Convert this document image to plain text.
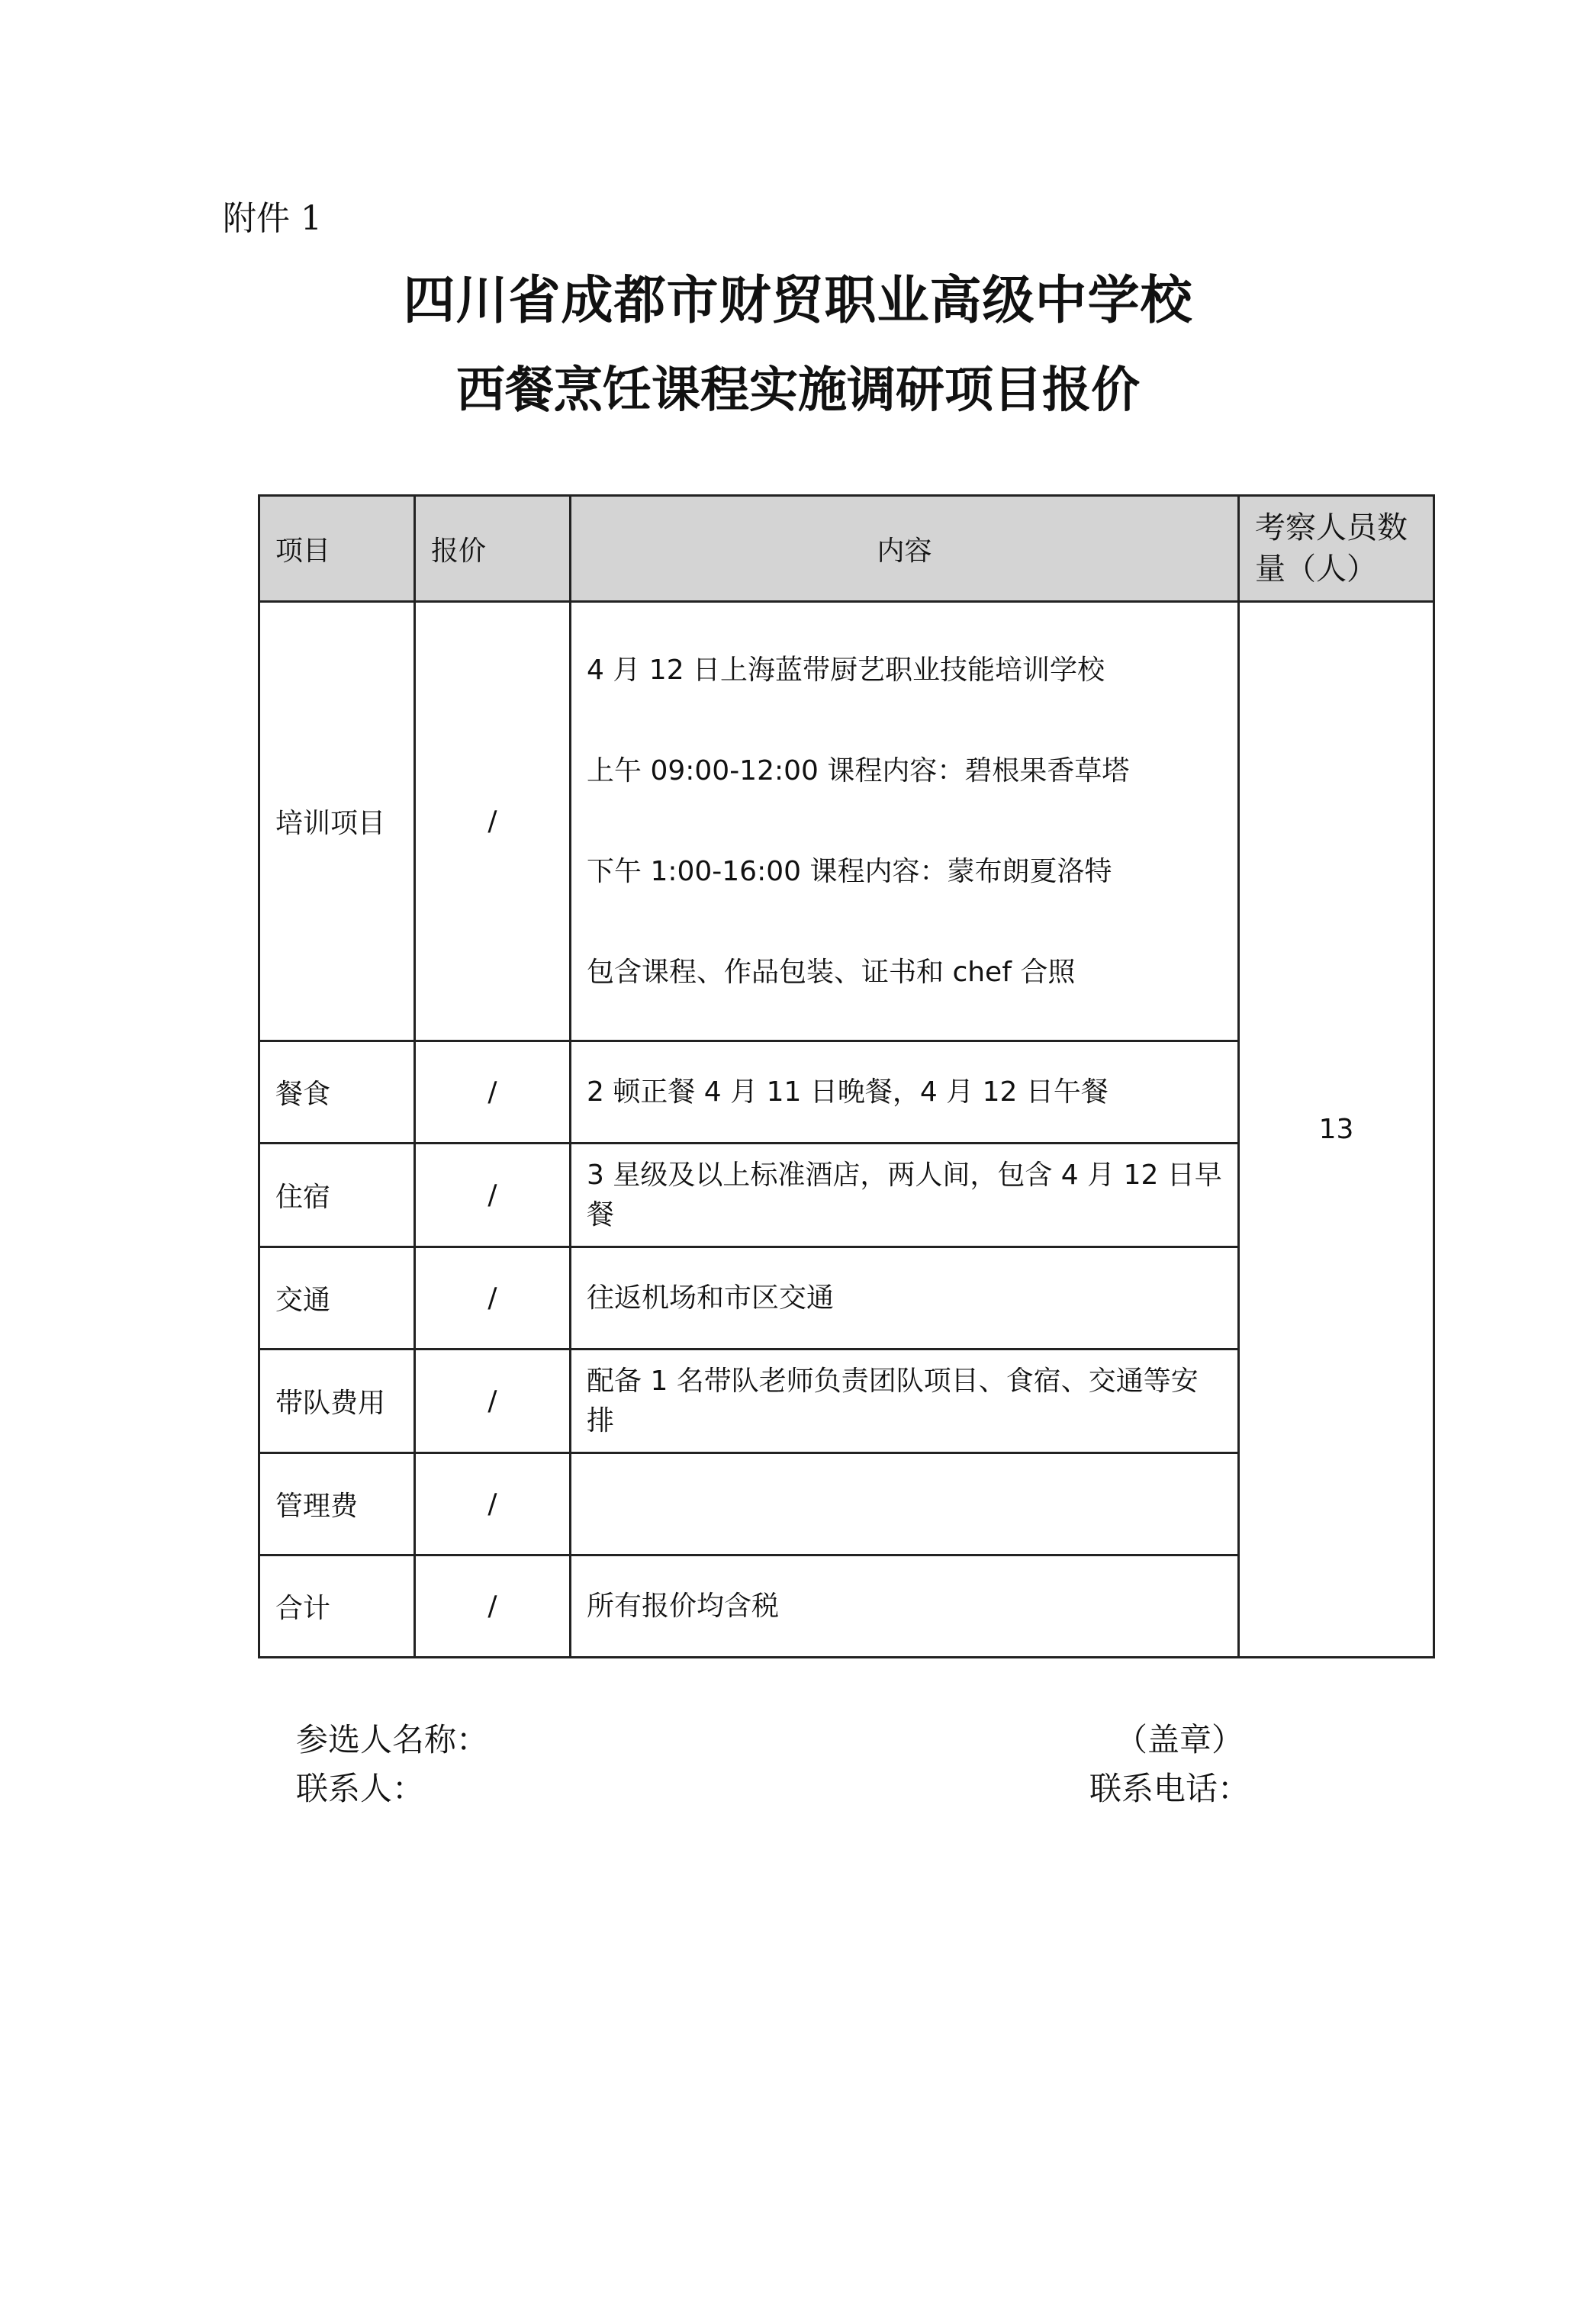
附件 1
四川省成都市财贸职业高级中学校
西餐烹饪课程实施调研项目报价
项目	报价	内容	考察人员数量（人）
培训项目	/	4 月 12 日上海蓝带厨艺职业技能培训学校
上午 09:00-12:00 课程内容：碧根果香草塔
下午 1:00-16:00 课程内容：蒙布朗夏洛特
包含课程、作品包装、证书和 chef 合照	13
餐食	/	2 顿正餐 4 月 11 日晚餐，4 月 12 日午餐	
住宿	/	3 星级及以上标准酒店，两人间，包含 4 月 12 日早餐	
交通	/	往返机场和市区交通	
带队费用	/	配备 1 名带队老师负责团队项目、食宿、交通等安排	
管理费	/		
合计	/	所有报价均含税	
参选人名称：	（盖章）
联系人：	联系电话：
